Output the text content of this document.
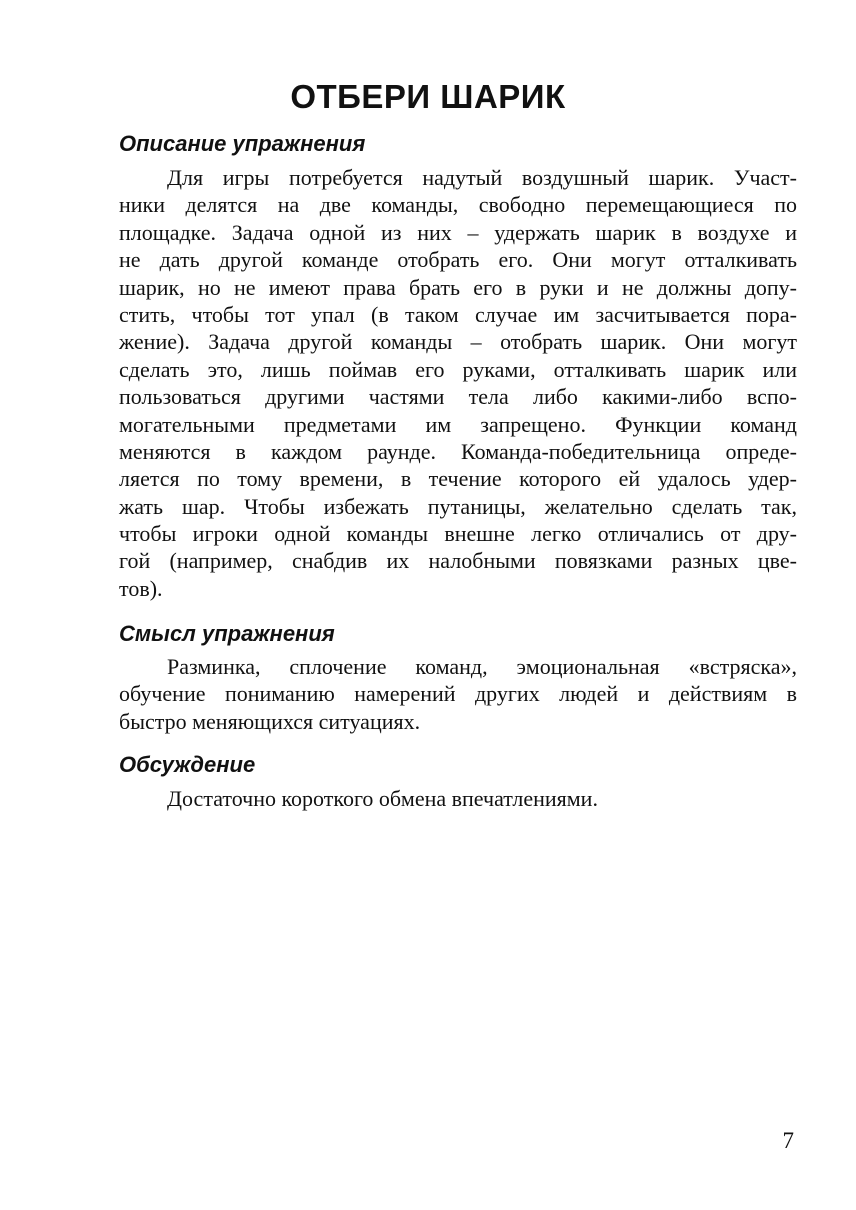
ОТБЕРИ ШАРИК
Описание упражнения
Для игры потребуется надутый воздушный шарик. Участ-
ники делятся на две команды, свободно перемещающиеся по
площадке. Задача одной из них – удержать шарик в воздухе и
не дать другой команде отобрать его. Они могут отталкивать
шарик, но не имеют права брать его в руки и не должны допу-
стить, чтобы тот упал (в таком случае им засчитывается пора-
жение). Задача другой команды – отобрать шарик. Они могут
сделать это, лишь поймав его руками, отталкивать шарик или
пользоваться другими частями тела либо какими-либо вспо-
могательными предметами им запрещено. Функции команд
меняются в каждом раунде. Команда-победительница опреде-
ляется по тому времени, в течение которого ей удалось удер-
жать шар. Чтобы избежать путаницы, желательно сделать так,
чтобы игроки одной команды внешне легко отличались от дру-
гой (например, снабдив их налобными повязками разных цве-
тов).
Смысл упражнения
Разминка, сплочение команд, эмоциональная «встряска»,
обучение пониманию намерений других людей и действиям в
быстро меняющихся ситуациях.
Обсуждение
Достаточно короткого обмена впечатлениями.
7
